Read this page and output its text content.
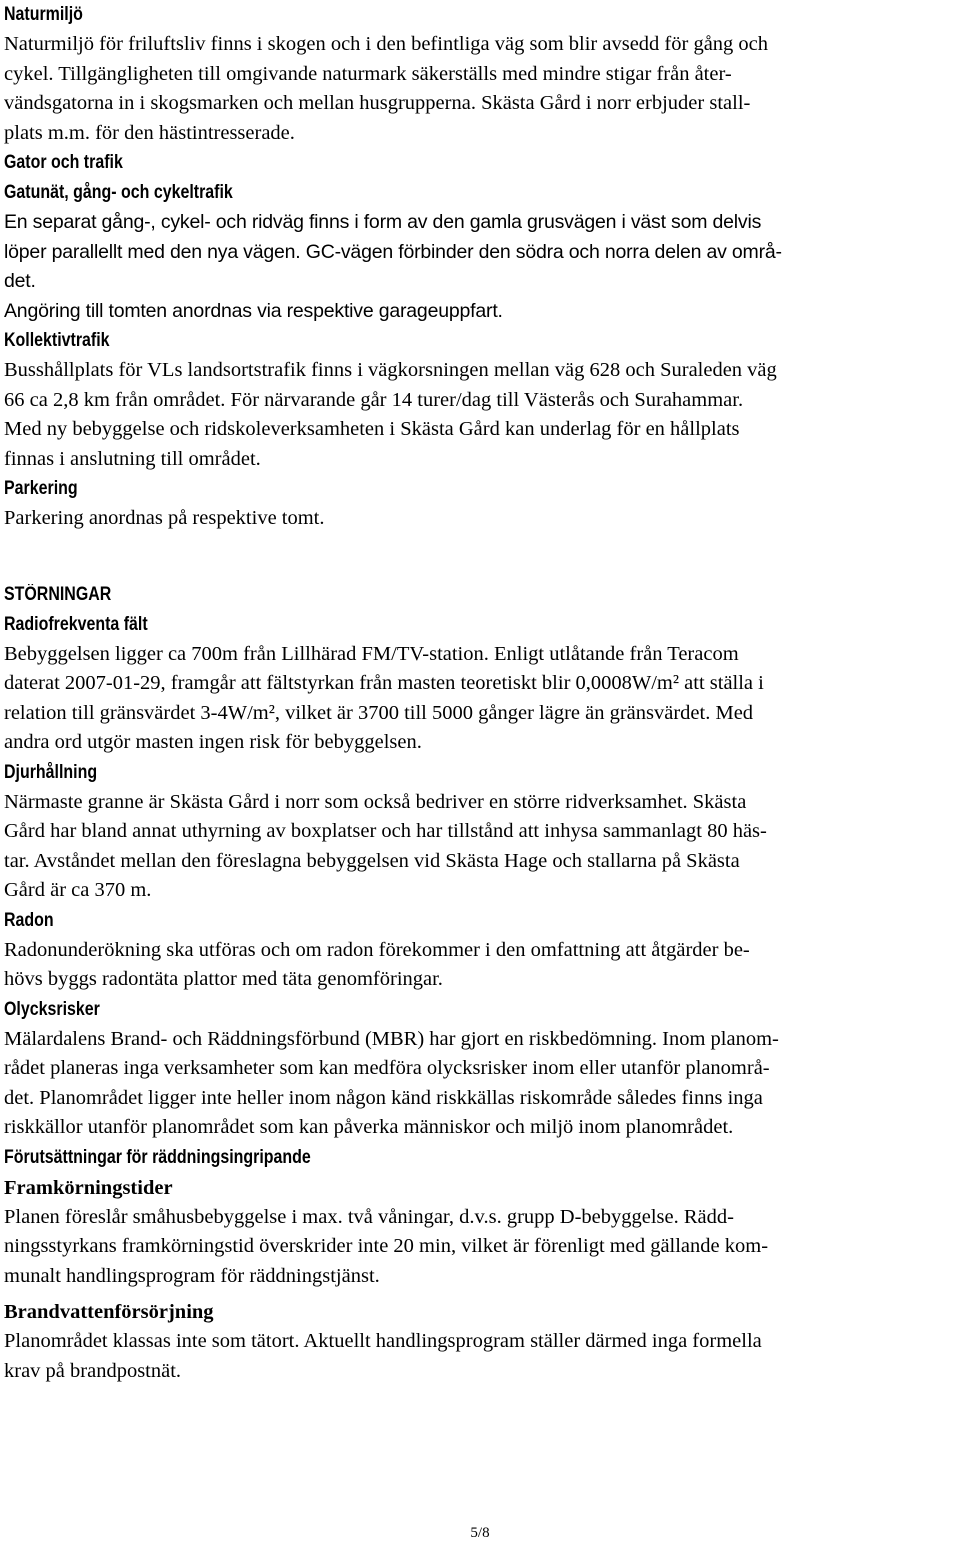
Naturmiljö

Naturmiljö för friluftsliv finns i skogen och i den befintliga väg som blir avsedd för gång och
cykel. Tillgängligheten till omgivande naturmark säkerställs med mindre stigar från åter-
vändsgatorna in i skogsmarken och mellan husgrupperna. Skästa Gård i norr erbjuder stall-
plats m.m. för den hästintresserade.

Gator och trafik
Gatunät, gång- och cykeltrafik

En separat gång-, cykel- och ridväg finns i form av den gamla grusvägen i väst som delvis
löper parallellt med den nya vägen. GC-vägen förbinder den södra och norra delen av områ-
det.

Angöring till tomten anordnas via respektive garageuppfart.

Kollektivtrafik

Busshållplats för VLs landsortstrafik finns i vägkorsningen mellan väg 628 och Suraleden väg
66 ca 2,8 km från området. För närvarande går 14 turer/dag till Västerås och Surahammar.
Med ny bebyggelse och ridskoleverksamheten i Skästa Gård kan underlag för en hållplats
finnas i anslutning till området.

Parkering

Parkering anordnas på respektive tomt.

STÖRNINGAR
Radiofrekventa fält

Bebyggelsen ligger ca 700m från Lillhärad FM/TV-station. Enligt utlåtande från Teracom
daterat 2007-01-29, framgår att fältstyrkan från masten teoretiskt blir 0,0008W/m² att ställa i
relation till gränsvärdet 3-4W/m², vilket är 3700 till 5000 gånger lägre än gränsvärdet. Med
andra ord utgör masten ingen risk för bebyggelsen.

Djurhållning

Närmaste granne är Skästa Gård i norr som också bedriver en större ridverksamhet. Skästa
Gård har bland annat uthyrning av boxplatser och har tillstånd att inhysa sammanlagt 80 häs-
tar. Avståndet mellan den föreslagna bebyggelsen vid Skästa Hage och stallarna på Skästa
Gård är ca 370 m.

Radon

Radonunderökning ska utföras och om radon förekommer i den omfattning att åtgärder be-
hövs byggs radontäta plattor med täta genomföringar.

Olycksrisker

Mälardalens Brand- och Räddningsförbund (MBR) har gjort en riskbedömning. Inom planom-
rådet planeras inga verksamheter som kan medföra olycksrisker inom eller utanför planområ-
det. Planområdet ligger inte heller inom någon känd riskkällas riskområde således finns inga
riskkällor utanför planområdet som kan påverka människor och miljö inom planområdet.

Förutsättningar för räddningsingripande
Framkörningstider

Planen föreslår småhusbebyggelse i max. två våningar, d.v.s. grupp D-bebyggelse. Rädd-
ningsstyrkans framkörningstid överskrider inte 20 min, vilket är förenligt med gällande kom-
munalt handlingsprogram för räddningstjänst.

Brandvattenförsörjning

Planområdet klassas inte som tätort. Aktuellt handlingsprogram ställer därmed inga formella
krav på brandpostnät.

5/8
